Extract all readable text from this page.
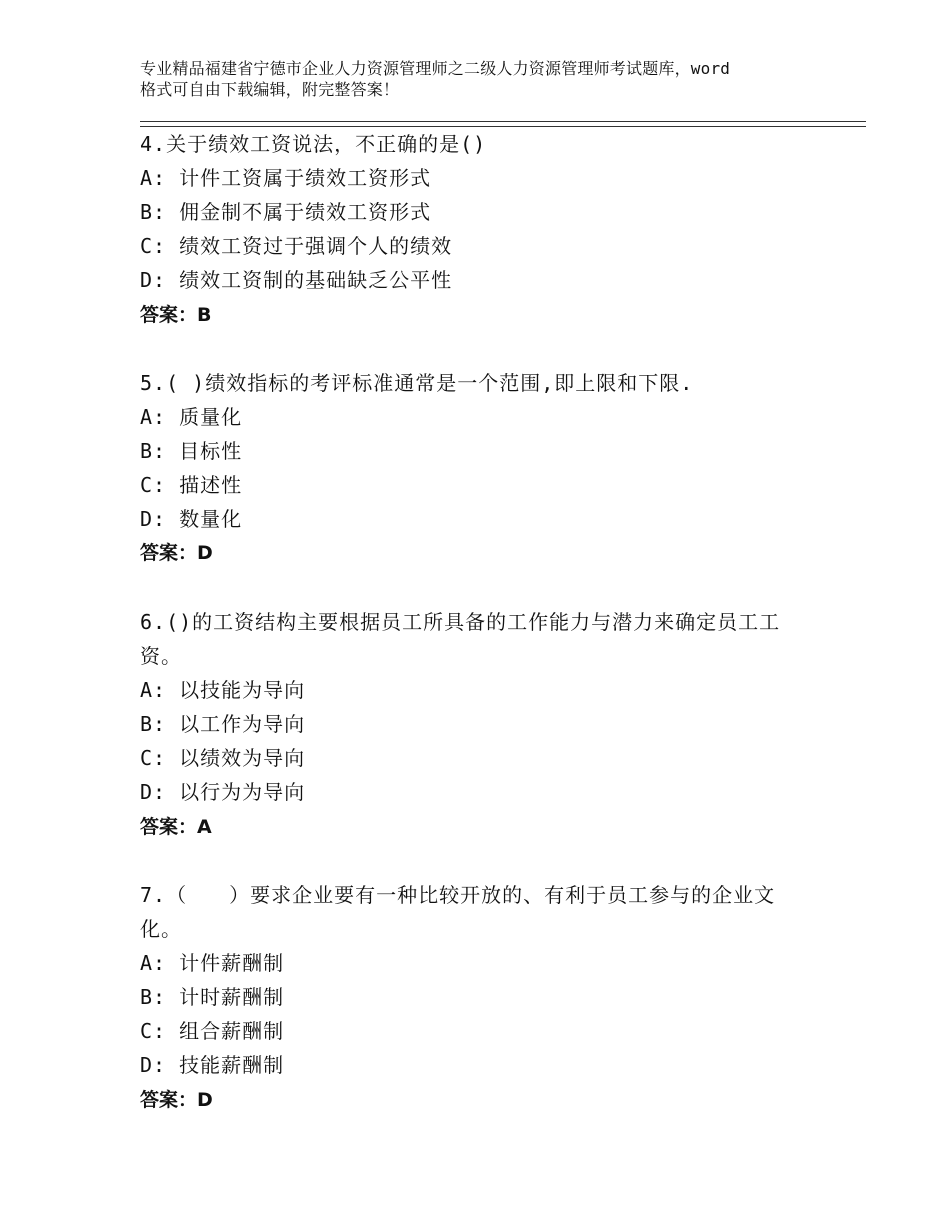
专业精品福建省宁德市企业人力资源管理师之二级人力资源管理师考试题库，word
格式可自由下载编辑，附完整答案！
4.关于绩效工资说法，不正确的是()
A: 计件工资属于绩效工资形式
B: 佣金制不属于绩效工资形式
C: 绩效工资过于强调个人的绩效
D: 绩效工资制的基础缺乏公平性
答案：B
5.( )绩效指标的考评标准通常是一个范围,即上限和下限.
A: 质量化
B: 目标性
C: 描述性
D: 数量化
答案：D
6.()的工资结构主要根据员工所具备的工作能力与潜力来确定员工工
资。
A: 以技能为导向
B: 以工作为导向
C: 以绩效为导向
D: 以行为为导向
答案：A
7.（　　）要求企业要有一种比较开放的、有利于员工参与的企业文
化。
A: 计件薪酬制
B: 计时薪酬制
C: 组合薪酬制
D: 技能薪酬制
答案：D
